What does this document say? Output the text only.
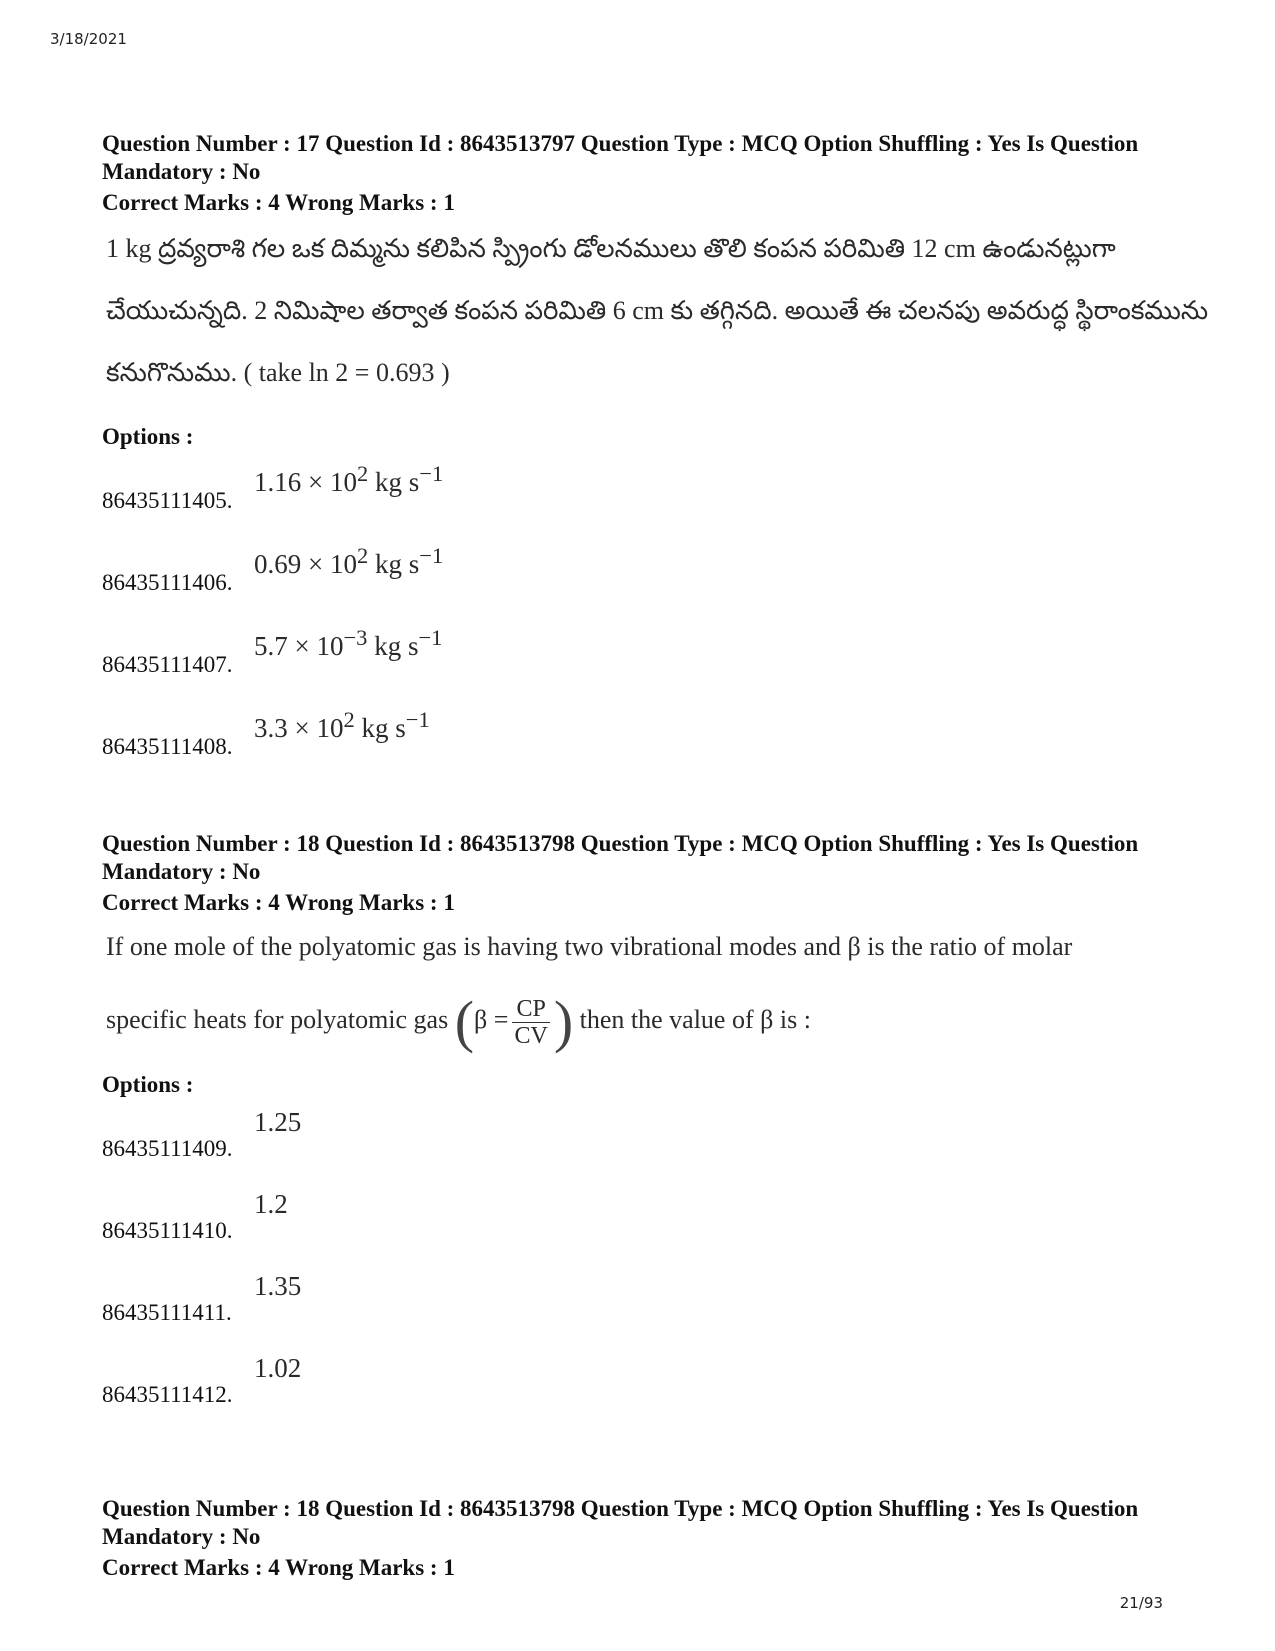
3/18/2021

Question Number : 17 Question Id : 8643513797 Question Type : MCQ Option Shuffling : Yes Is Question Mandatory : No

Correct Marks : 4 Wrong Marks : 1

1 kg ద్రవ్యరాశి గల ఒక దిమ్మను కలిపిన స్ప్రింగు డోలనములు తొలి కంపన పరిమితి 12 cm ఉండునట్లుగా
చేయుచున్నది. 2 నిమిషాల తర్వాత కంపన పరిమితి 6 cm కు తగ్గినది. అయితే ఈ చలనపు అవరుద్ధ స్థిరాంకమును
కనుగొనుము. ( take ln 2 = 0.693 )

Options :

86435111405.
$1.16 \times 10^2$ kg $s^{-1}$
86435111406.
$0.69 \times 10^2$ kg $s^{-1}$
86435111407.
$5.7 \times 10^{-3}$ kg $s^{-1}$
86435111408.
$3.3 \times 10^2$ kg $s^{-1}$

Question Number : 18 Question Id : 8643513798 Question Type : MCQ Option Shuffling : Yes Is Question Mandatory : No

Correct Marks : 4 Wrong Marks : 1

If one mole of the polyatomic gas is having two vibrational modes and β is the ratio of molar
specific heats for polyatomic gas ($\beta = \frac{CP}{CV}$ ) then the value of β is :

Options :

86435111409.
1.25
86435111410.
1.2
86435111411.
1.35
86435111412.
1.02

Question Number : 18 Question Id : 8643513798 Question Type : MCQ Option Shuffling : Yes Is Question Mandatory : No

Correct Marks : 4 Wrong Marks : 1

21/93
